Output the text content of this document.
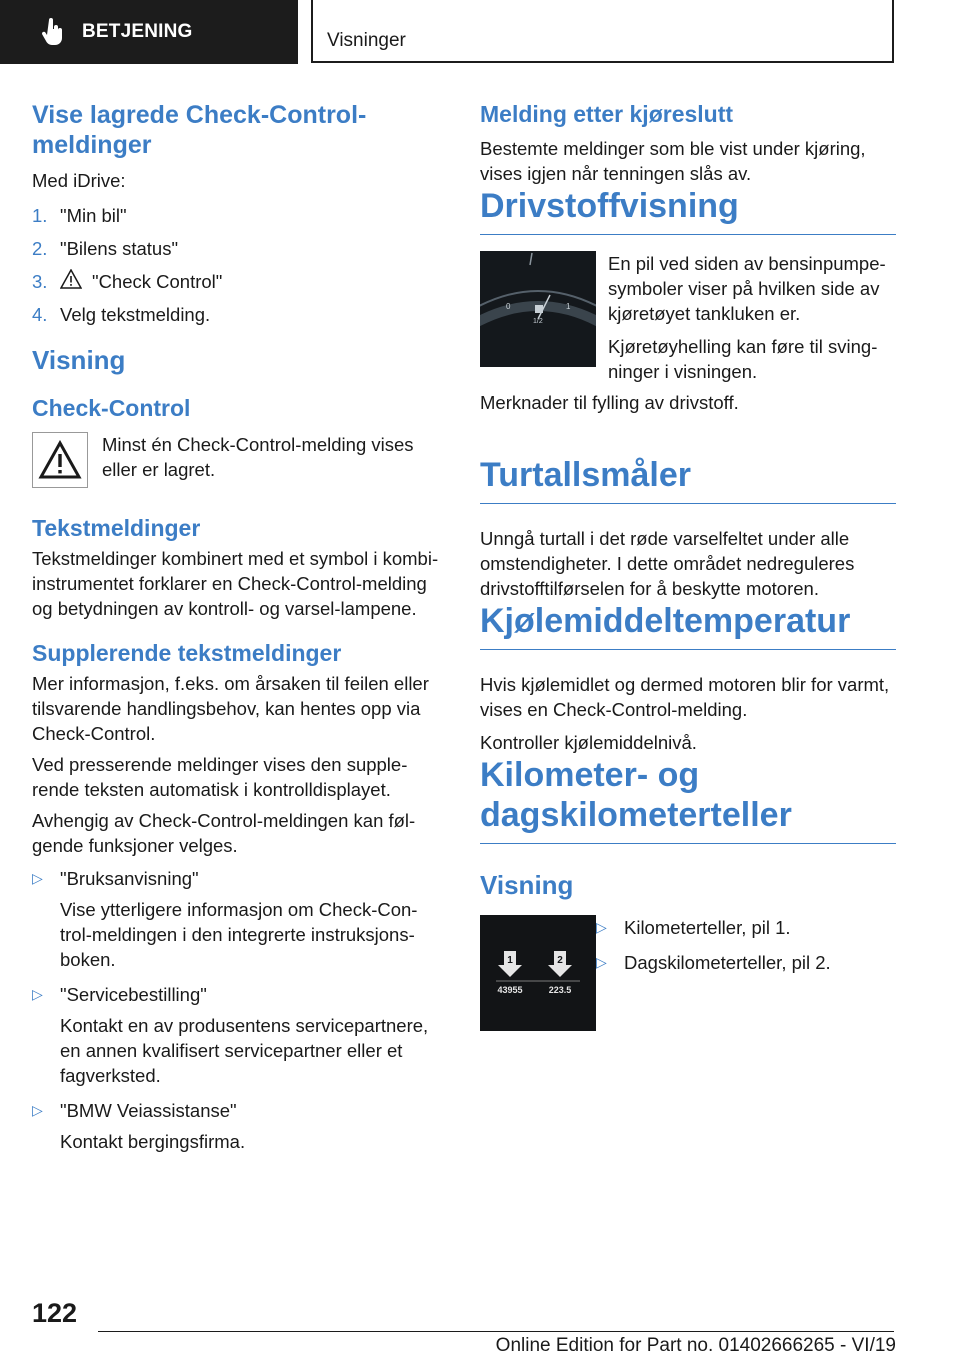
BETJENING	Visninger
Vise lagrede Check-Control-meldinger

Med iDrive:

1. "Min bil"
2. "Bilens status"
3.	"Check Control"
4. Velg tekstmelding.
Visning
Check-Control

Minst én Check-Control-melding vises eller er lagret.

Tekstmeldinger

Tekstmeldinger kombinert med et symbol i kombi-instrumentet forklarer en Check-Control-melding og betydningen av kontroll- og varsel-lampene.

Supplerende tekstmeldinger

Mer informasjon, f.eks. om årsaken til feilen eller tilsvarende handlingsbehov, kan hentes opp via Check-Control.

Ved presserende meldinger vises den supple-rende teksten automatisk i kontrolldisplayet.

Avhengig av Check-Control-meldingen kan føl-gende funksjoner velges.

▷ "Bruksanvisning"

Vise ytterligere informasjon om Check-Con-trol-meldingen i den integrerte instruksjons-boken.

▷ "Servicebestilling"

Kontakt en av produsentens servicepartnere, en annen kvalifisert servicepartner eller et fagverksted.

▷ "BMW Veiassistanse"

Kontakt bergingsfirma.

Melding etter kjøreslutt

Bestemte meldinger som ble vist under kjøring, vises igjen når tenningen slås av.

Drivstoffvisning
0
1/2
1

En pil ved siden av bensinpumpe-symboler viser på hvilken side av kjøretøyet tankluken er.

Kjøretøyhelling kan føre til sving-ninger i visningen.

Merknader til fylling av drivstoff.

Turtallsmåler

Unngå turtall i det røde varselfeltet under alle omstendigheter. I dette området nedreguleres drivstofftilførselen for å beskytte motoren.

Kjølemiddeltemperatur

Hvis kjølemidlet og dermed motoren blir for varmt, vises en Check-Control-melding.

Kontroller kjølemiddelnivå.

Kilometer- og
dagskilometerteller
Visning
1	2
43955	223.5
▷ Kilometerteller, pil 1.
▷ Dagskilometerteller, pil 2.
122
Online Edition for Part no. 01402666265 - VI/19
